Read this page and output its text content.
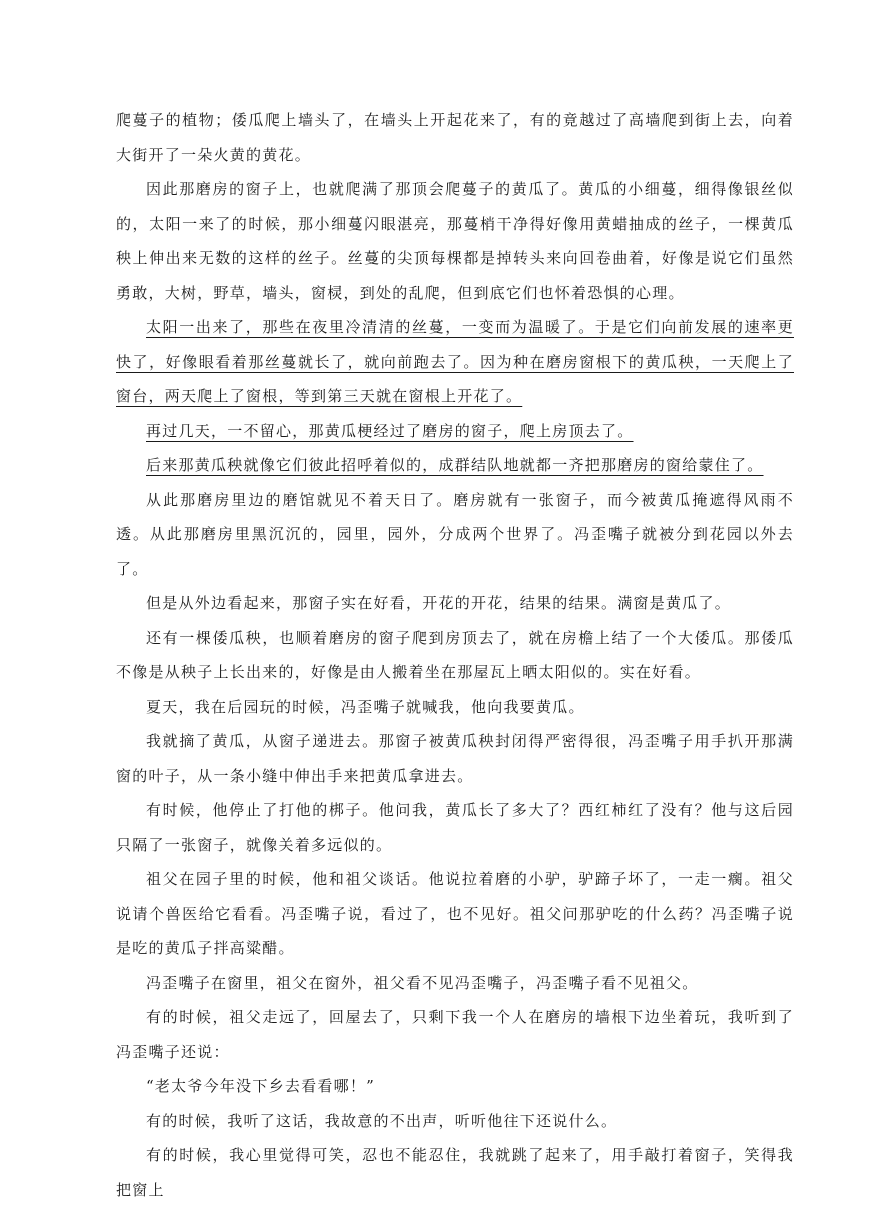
爬蔓子的植物；倭瓜爬上墙头了，在墙头上开起花来了，有的竟越过了高墙爬到街上去，向着大街开了一朵火黄的黄花。

因此那磨房的窗子上，也就爬满了那顶会爬蔓子的黄瓜了。黄瓜的小细蔓，细得像银丝似的，太阳一来了的时候，那小细蔓闪眼湛亮，那蔓梢干净得好像用黄蜡抽成的丝子，一棵黄瓜秧上伸出来无数的这样的丝子。丝蔓的尖顶每棵都是掉转头来向回卷曲着，好像是说它们虽然勇敢，大树，野草，墙头，窗棂，到处的乱爬，但到底它们也怀着恐惧的心理。

太阳一出来了，那些在夜里冷清清的丝蔓，一变而为温暖了。于是它们向前发展的速率更快了，好像眼看着那丝蔓就长了，就向前跑去了。因为种在磨房窗根下的黄瓜秧，一天爬上了窗台，两天爬上了窗根，等到第三天就在窗根上开花了。

再过几天，一不留心，那黄瓜梗经过了磨房的窗子，爬上房顶去了。

后来那黄瓜秧就像它们彼此招呼着似的，成群结队地就都一齐把那磨房的窗给蒙住了。

从此那磨房里边的磨馆就见不着天日了。磨房就有一张窗子，而今被黄瓜掩遮得风雨不透。从此那磨房里黑沉沉的，园里，园外，分成两个世界了。冯歪嘴子就被分到花园以外去了。

但是从外边看起来，那窗子实在好看，开花的开花，结果的结果。满窗是黄瓜了。

还有一棵倭瓜秧，也顺着磨房的窗子爬到房顶去了，就在房檐上结了一个大倭瓜。那倭瓜不像是从秧子上长出来的，好像是由人搬着坐在那屋瓦上晒太阳似的。实在好看。

夏天，我在后园玩的时候，冯歪嘴子就喊我，他向我要黄瓜。

我就摘了黄瓜，从窗子递进去。那窗子被黄瓜秧封闭得严密得很，冯歪嘴子用手扒开那满窗的叶子，从一条小缝中伸出手来把黄瓜拿进去。

有时候，他停止了打他的梆子。他问我，黄瓜长了多大了？西红柿红了没有？他与这后园只隔了一张窗子，就像关着多远似的。

祖父在园子里的时候，他和祖父谈话。他说拉着磨的小驴，驴蹄子坏了，一走一瘸。祖父说请个兽医给它看看。冯歪嘴子说，看过了，也不见好。祖父问那驴吃的什么药？冯歪嘴子说是吃的黄瓜子拌高粱醋。

冯歪嘴子在窗里，祖父在窗外，祖父看不见冯歪嘴子，冯歪嘴子看不见祖父。

有的时候，祖父走远了，回屋去了，只剩下我一个人在磨房的墙根下边坐着玩，我听到了冯歪嘴子还说：

“老太爷今年没下乡去看看哪！”

有的时候，我听了这话，我故意的不出声，听听他往下还说什么。

有的时候，我心里觉得可笑，忍也不能忍住，我就跳了起来了，用手敲打着窗子，笑得我把窗上
